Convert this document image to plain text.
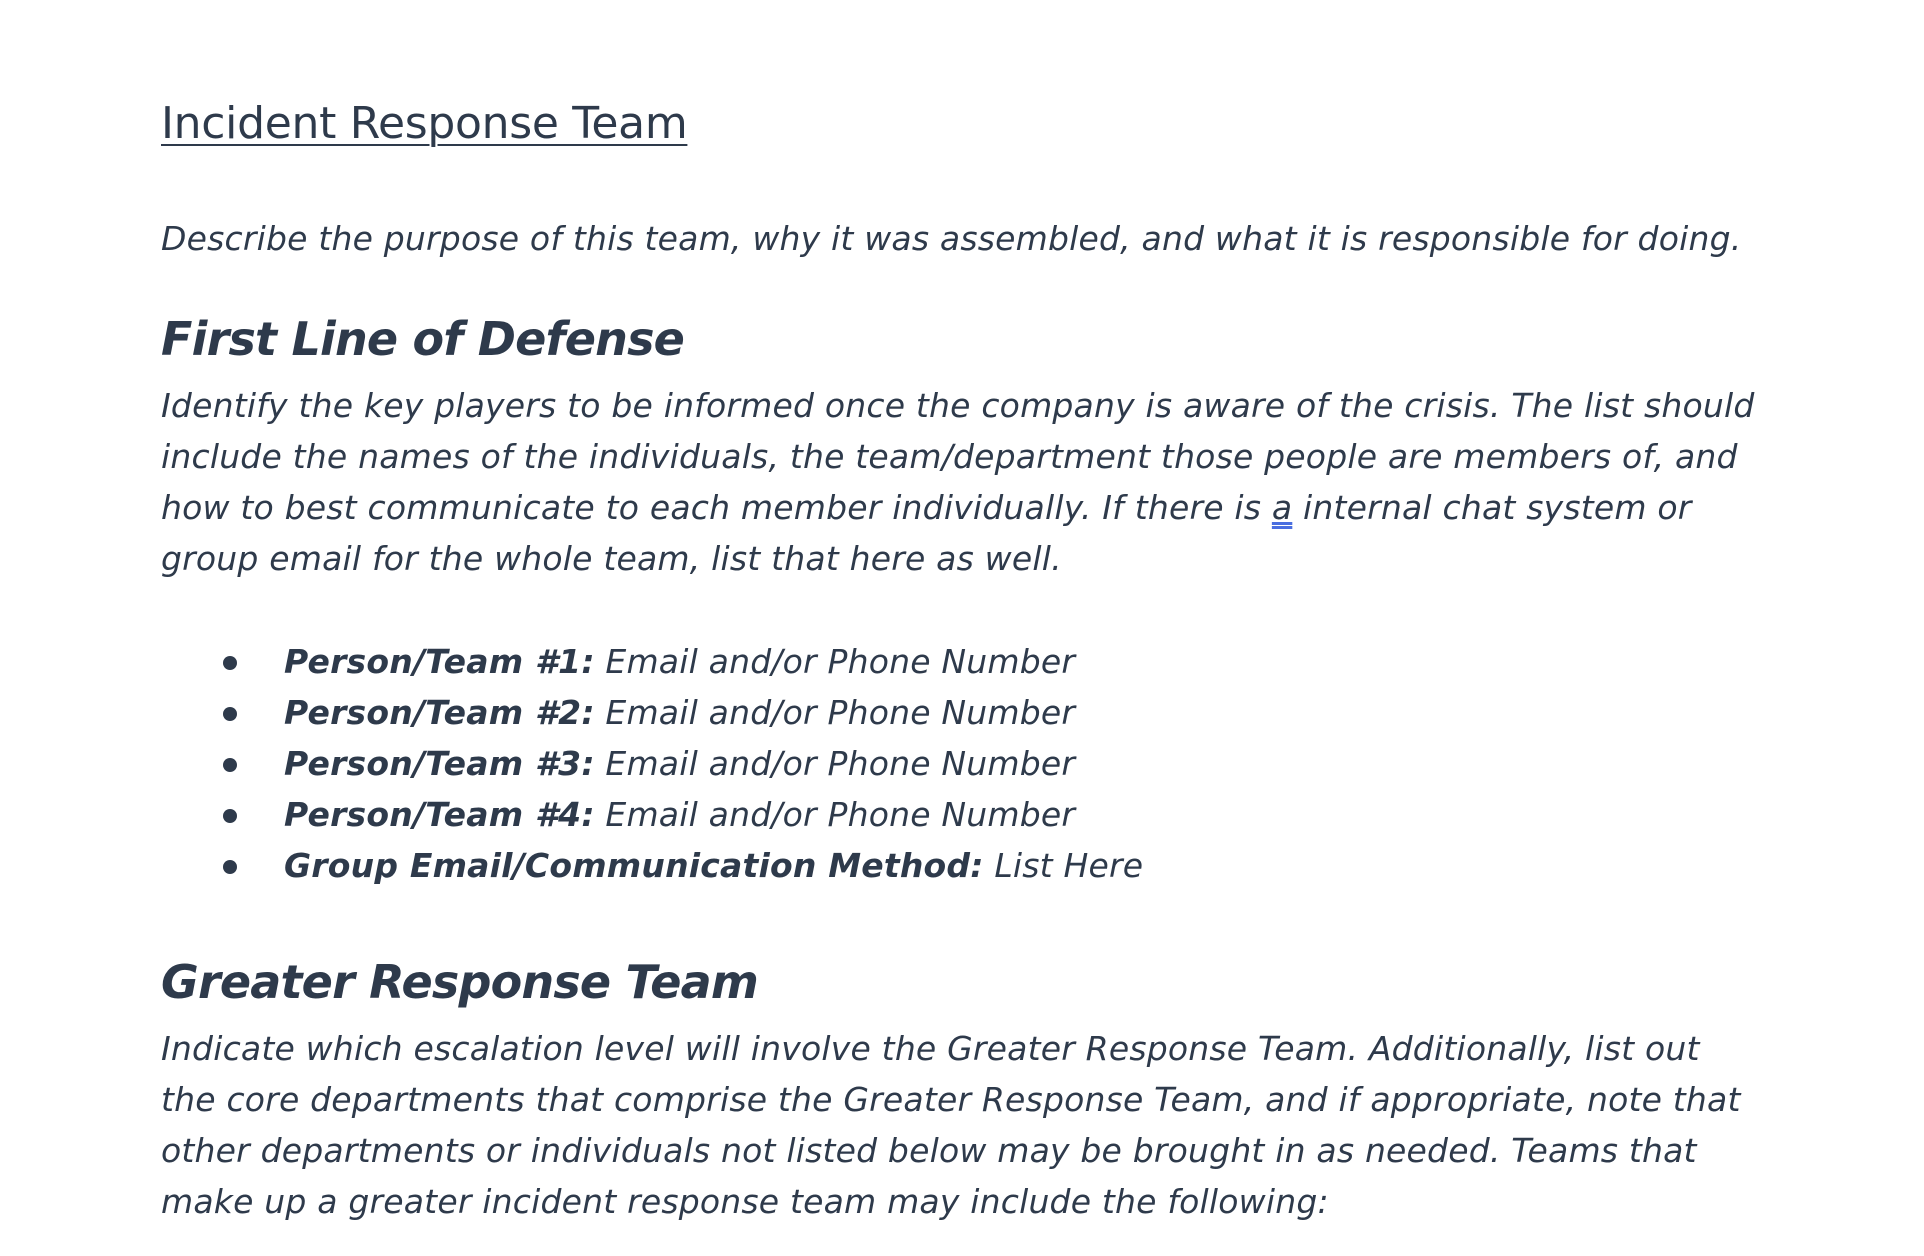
Incident Response Team

Describe the purpose of this team, why it was assembled, and what it is responsible for doing.

First Line of Defense

Identify the key players to be informed once the company is aware of the crisis. The list should
include the names of the individuals, the team/department those people are members of, and
how to best communicate to each member individually. If there is a internal chat system or
group email for the whole team, list that here as well.

Person/Team #1: Email and/or Phone Number
Person/Team #2: Email and/or Phone Number
Person/Team #3: Email and/or Phone Number
Person/Team #4: Email and/or Phone Number
Group Email/Communication Method: List Here
Greater Response Team

Indicate which escalation level will involve the Greater Response Team. Additionally, list out
the core departments that comprise the Greater Response Team, and if appropriate, note that
other departments or individuals not listed below may be brought in as needed. Teams that
make up a greater incident response team may include the following:
